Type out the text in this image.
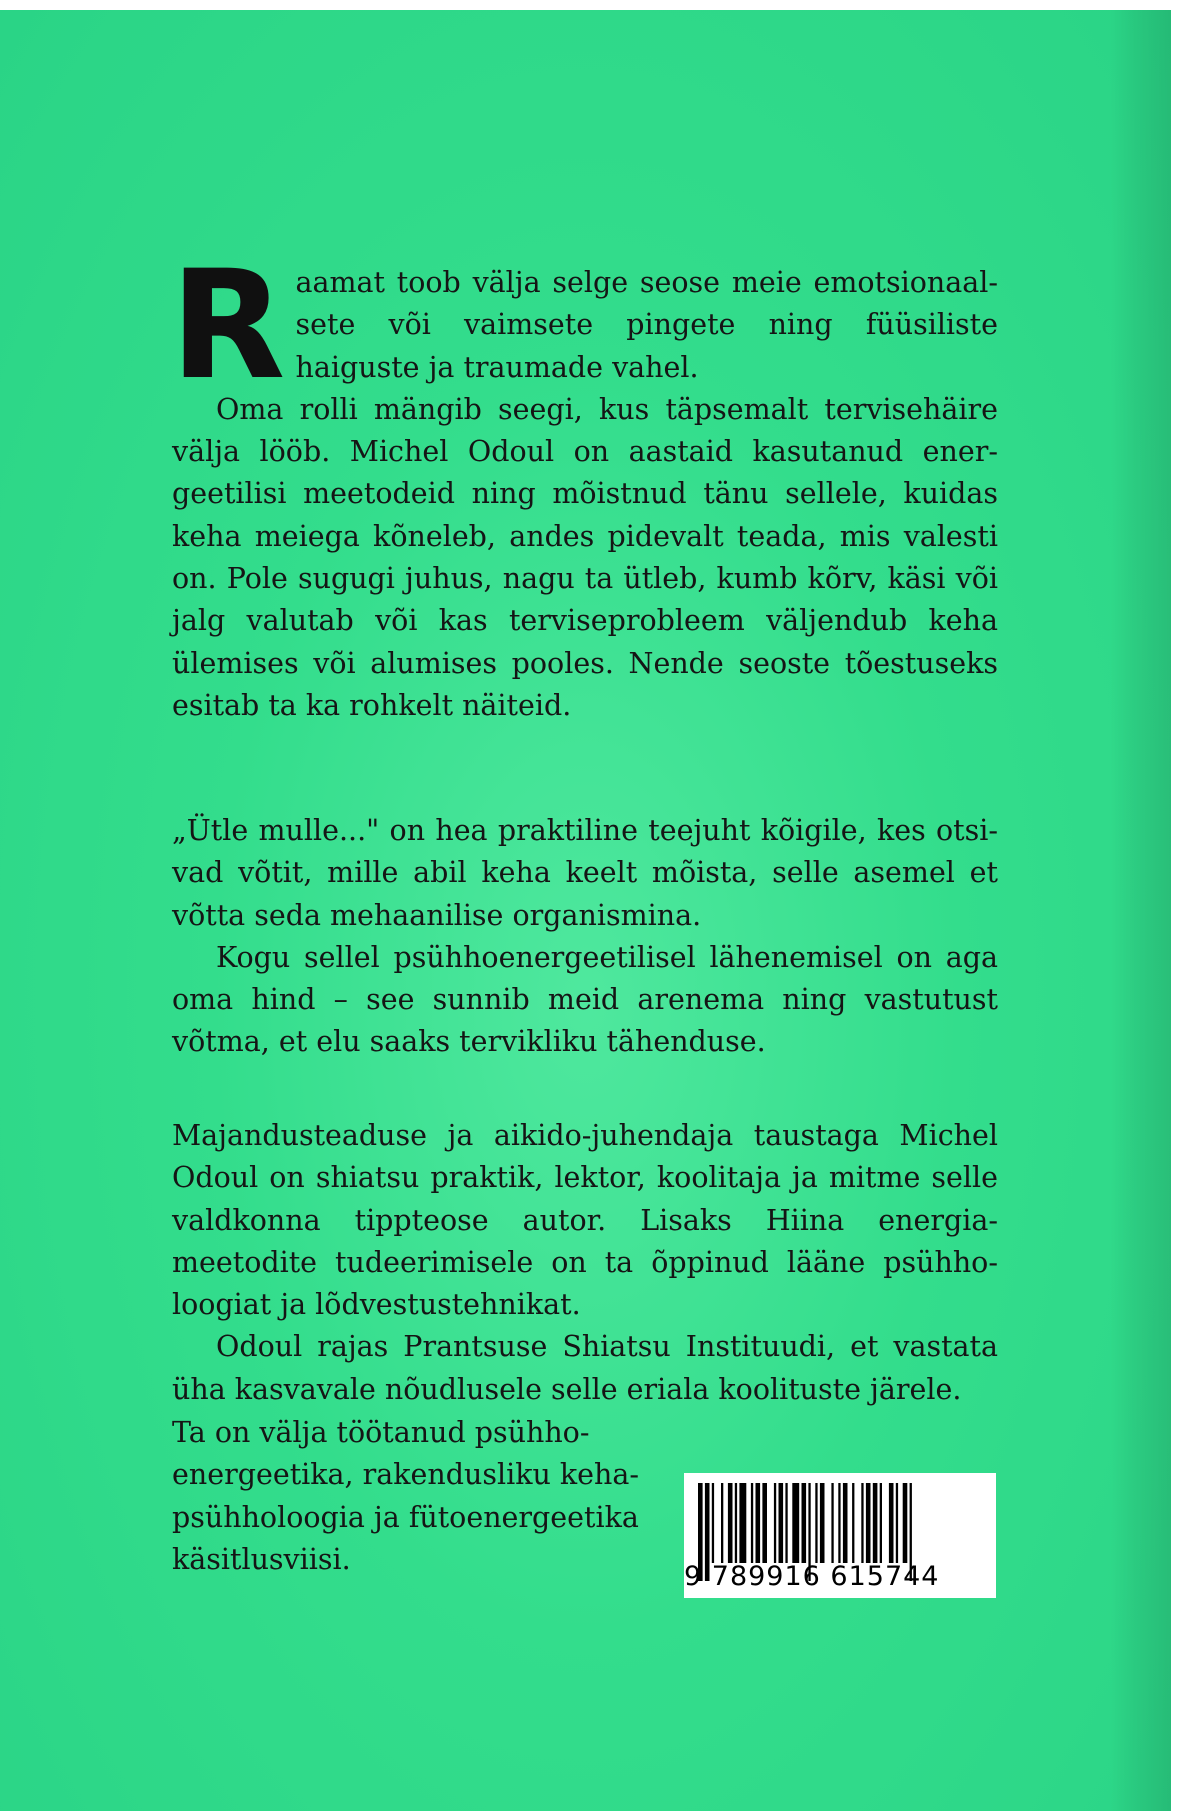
Raamat toob välja selge seose meie emotsionaalsete või vaimsete pingete ning füüsiliste haiguste ja traumade vahel.

Oma rolli mängib seegi, kus täpsemalt tervisehäire välja lööb. Michel Odoul on aastaid kasutanud energeetilisi meetodeid ning mõistnud tänu sellele, kuidas keha meiega kõneleb, andes pidevalt teada, mis valesti on. Pole sugugi juhus, nagu ta ütleb, kumb kõrv, käsi või jalg valutab või kas terviseprobleem väljendub keha ülemises või alumises pooles. Nende seoste tõestuseks esitab ta ka rohkelt näiteid.

„Ütle mulle..." on hea praktiline teejuht kõigile, kes otsivad võtit, mille abil keha keelt mõista, selle asemel et võtta seda mehaanilise organismina.

Kogu sellel psühhoenergeetilisel lähenemisel on aga oma hind – see sunnib meid arenema ning vastutust võtma, et elu saaks tervikliku tähenduse.

Majandusteaduse ja aikido-juhendaja taustaga Michel Odoul on shiatsu praktik, lektor, koolitaja ja mitme selle valdkonna tippteose autor. Lisaks Hiina energiameetodite tudeerimisele on ta õppinud lääne psühholoogiat ja lõdvestustehnikat.

Odoul rajas Prantsuse Shiatsu Instituudi, et vastata üha kasvavale nõudlusele selle eriala koolituste järele.

Ta on välja töötanud psühhoenergeetika, rakendusliku kehapsühholoogia ja fütoenergeetika käsitlusviisi.

9 789916 615744
